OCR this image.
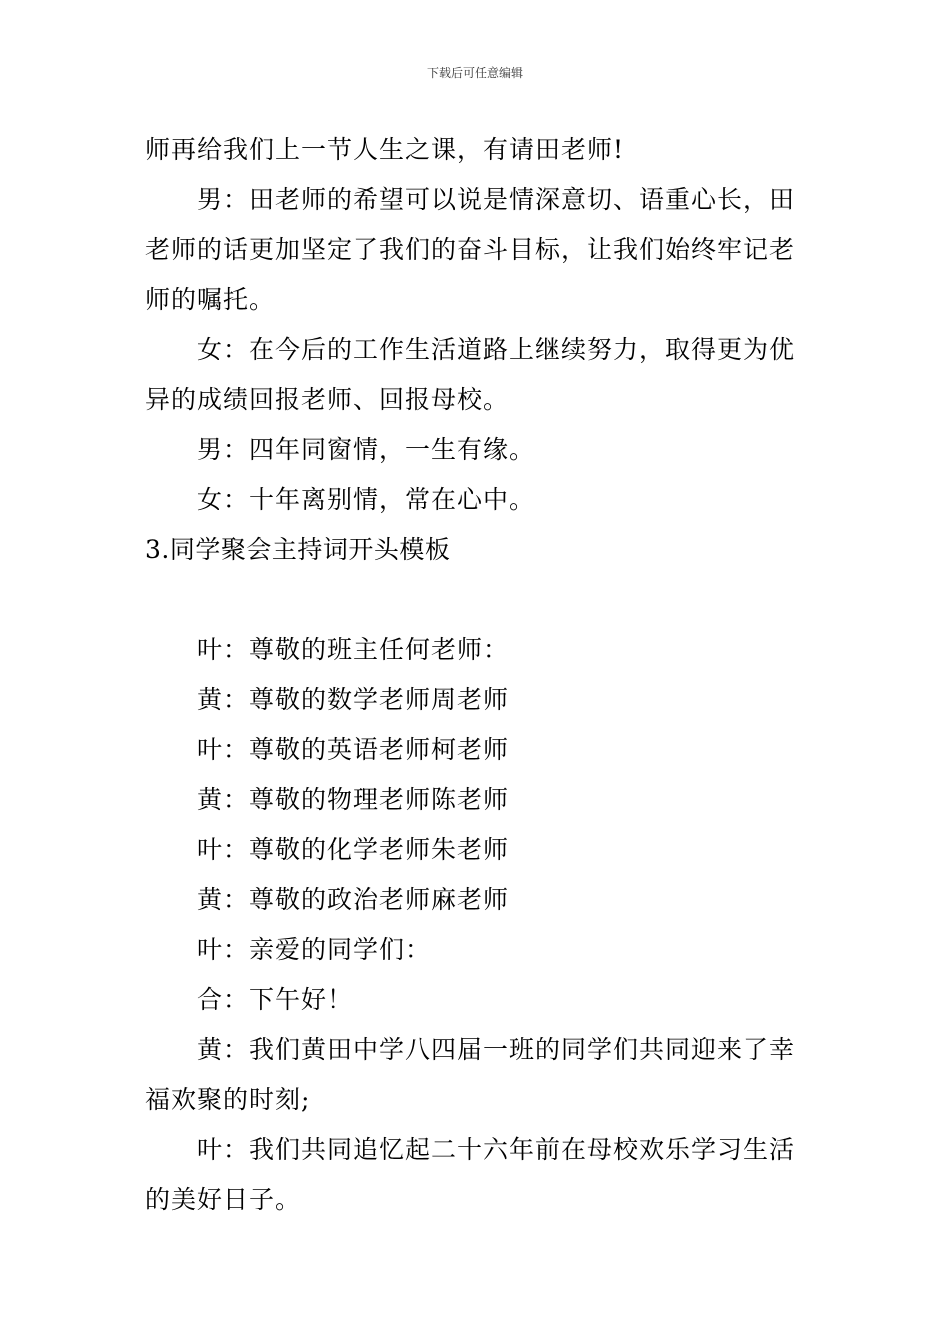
下载后可任意编辑

师再给我们上一节人生之课，有请田老师!

男：田老师的希望可以说是情深意切、语重心长，田老师的话更加坚定了我们的奋斗目标，让我们始终牢记老师的嘱托。

女：在今后的工作生活道路上继续努力，取得更为优异的成绩回报老师、回报母校。

男：四年同窗情，一生有缘。

女：十年离别情，常在心中。

3.同学聚会主持词开头模板

叶：尊敬的班主任何老师：

黄：尊敬的数学老师周老师

叶：尊敬的英语老师柯老师

黄：尊敬的物理老师陈老师

叶：尊敬的化学老师朱老师

黄：尊敬的政治老师麻老师

叶：亲爱的同学们：

合：下午好！

黄：我们黄田中学八四届一班的同学们共同迎来了幸福欢聚的时刻;

叶：我们共同追忆起二十六年前在母校欢乐学习生活的美好日子。
